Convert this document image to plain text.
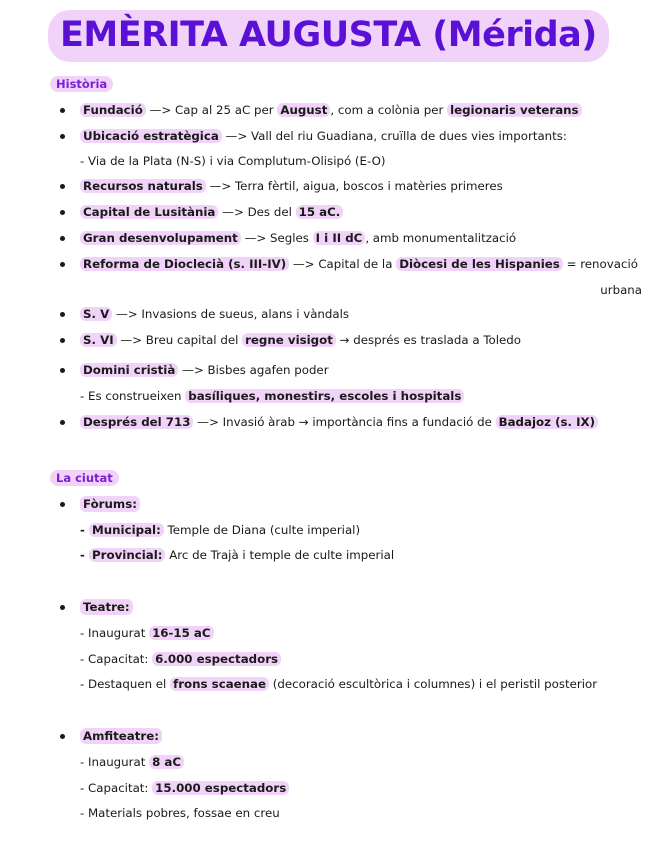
EMÈRITA AUGUSTA (Mérida)
Història
Fundació —> Cap al 25 aC per August , com a colònia per legionaris veterans
Ubicació estratègica —> Vall del riu Guadiana, cruïlla de dues vies importants:
- Via de la Plata (N-S) i via Complutum-Olisipó (E-O)
Recursos naturals —> Terra fèrtil, aigua, boscos i matèries primeres
Capital de Lusitània —> Des del 15 aC.
Gran desenvolupament —> Segles I i II dC , amb monumentalització
Reforma de Dioclecià (s. III-IV) —> Capital de la Diòcesi de les Hispanies = renovació
urbana
S. V —> Invasions de sueus, alans i vàndals
S. VI —> Breu capital del regne visigot → després es traslada a Toledo
Domini cristià —> Bisbes agafen poder
- Es construeixen basíliques, monestirs, escoles i hospitals
Després del 713 —> Invasió àrab → importància fins a fundació de Badajoz (s. IX)
La ciutat
Fòrums:
- Municipal: Temple de Diana (culte imperial)
- Provincial: Arc de Trajà i temple de culte imperial
Teatre:
- Inaugurat 16-15 aC
- Capacitat: 6.000 espectadors
- Destaquen el frons scaenae (decoració escultòrica i columnes) i el peristil posterior
Amfiteatre:
- Inaugurat 8 aC
- Capacitat: 15.000 espectadors
- Materials pobres, fossae en creu
